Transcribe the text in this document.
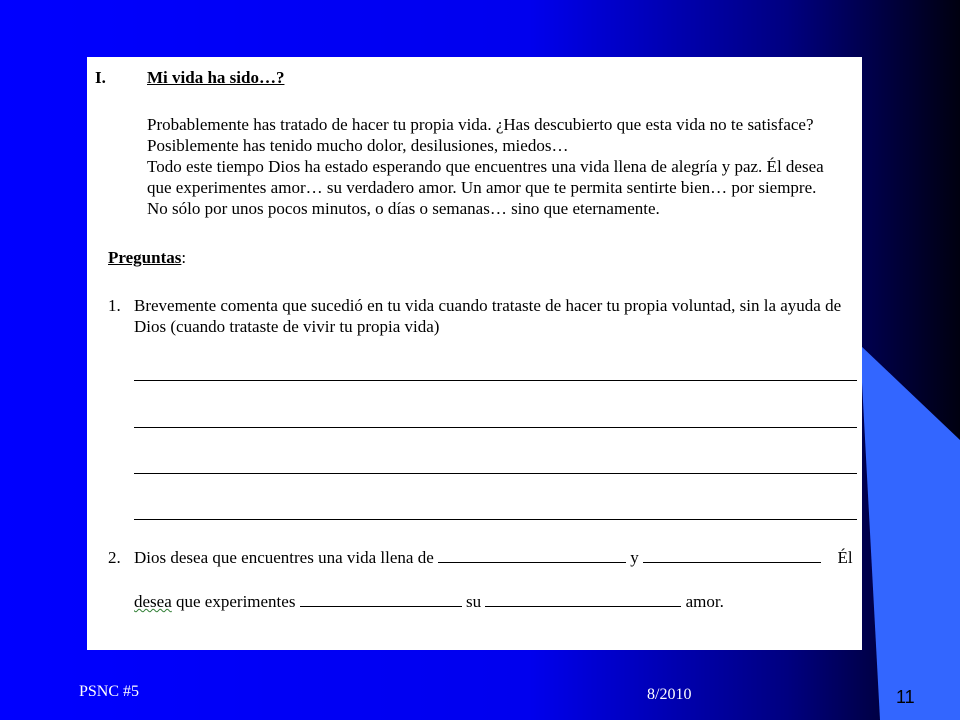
I. Mi vida ha sido…?
Probablemente has tratado de hacer tu propia vida. ¿Has descubierto que esta vida no te satisface?
Posiblemente has tenido mucho dolor, desilusiones, miedos…
Todo este tiempo Dios ha estado esperando que encuentres una vida llena de alegría y paz. Él desea
que experimentes amor… su verdadero amor. Un amor que te permita sentirte bien… por siempre.
No sólo por unos pocos minutos, o días o semanas… sino que eternamente.
Preguntas:
1. Brevemente comenta que sucedió en tu vida cuando trataste de hacer tu propia voluntad, sin la ayuda de
Dios (cuando trataste de vivir tu propia vida)
2. Dios desea que encuentres una vida llena de	y	Él
desea que experimentes	su	amor.
PSNC #5	8/2010	11
